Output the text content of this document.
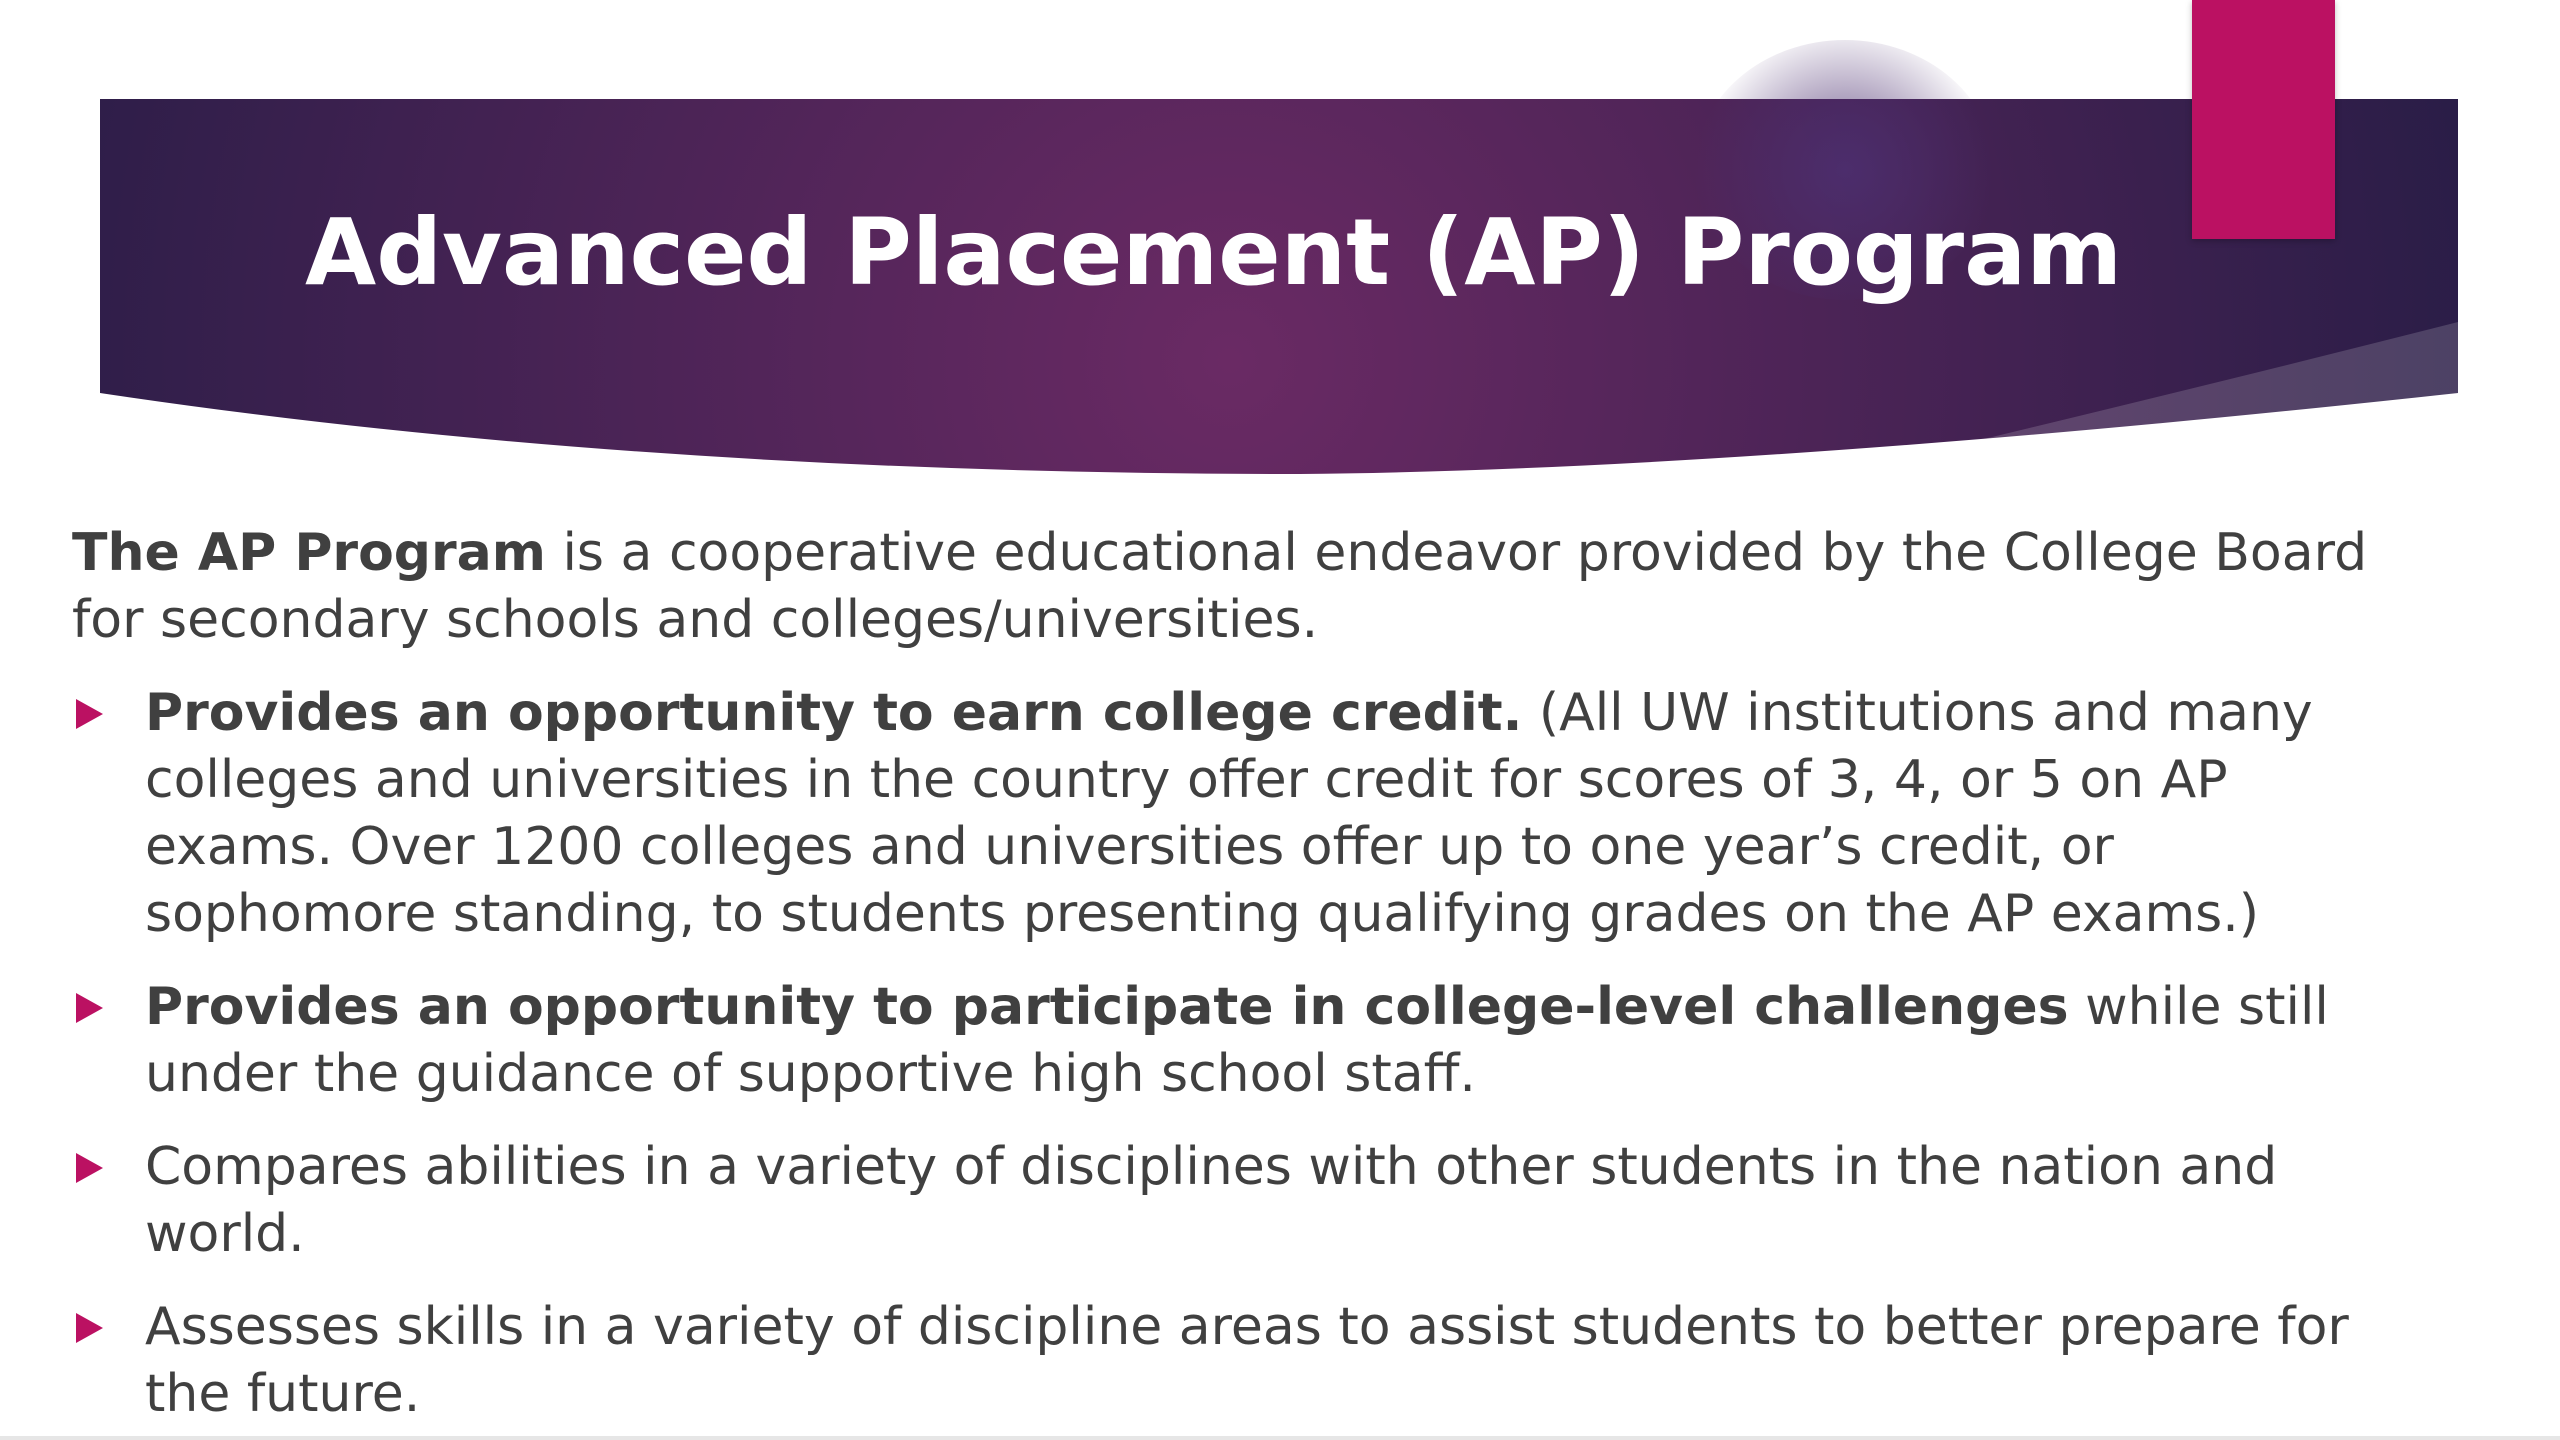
Advanced Placement (AP) Program

The AP Program is a cooperative educational endeavor provided by the College Board for secondary schools and colleges/universities.

Provides an opportunity to earn college credit. (All UW institutions and many colleges and universities in the country offer credit for scores of 3, 4, or 5 on AP exams. Over 1200 colleges and universities offer up to one year’s credit, or sophomore standing, to students presenting qualifying grades on the AP exams.)
Provides an opportunity to participate in college-level challenges while still under the guidance of supportive high school staff.
Compares abilities in a variety of disciplines with other students in the nation and world.
Assesses skills in a variety of discipline areas to assist students to better prepare for the future.
